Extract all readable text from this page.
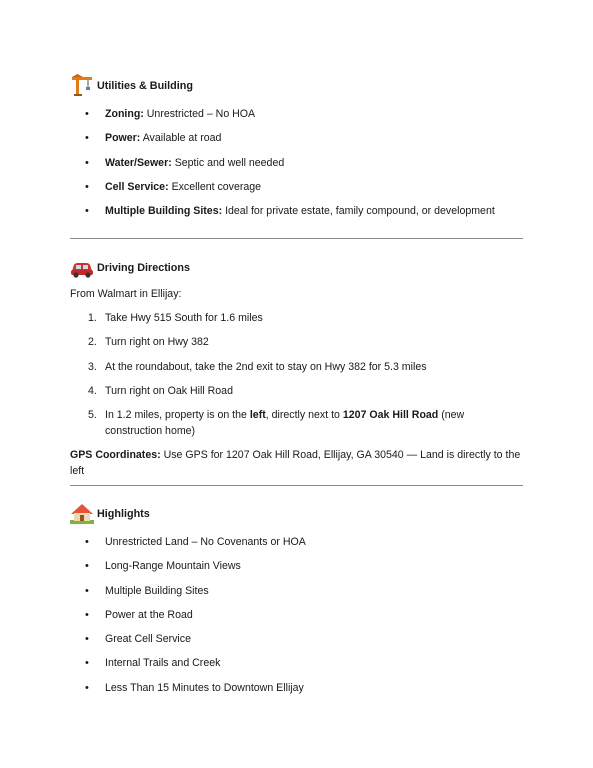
Utilities & Building
• Zoning: Unrestricted – No HOA
• Power: Available at road
• Water/Sewer: Septic and well needed
• Cell Service: Excellent coverage
• Multiple Building Sites: Ideal for private estate, family compound, or development
Driving Directions
From Walmart in Ellijay:
1. Take Hwy 515 South for 1.6 miles
2. Turn right on Hwy 382
3. At the roundabout, take the 2nd exit to stay on Hwy 382 for 5.3 miles
4. Turn right on Oak Hill Road
5. In 1.2 miles, property is on the left, directly next to 1207 Oak Hill Road (new construction home)
GPS Coordinates: Use GPS for 1207 Oak Hill Road, Ellijay, GA 30540 — Land is directly to the left
Highlights
• Unrestricted Land – No Covenants or HOA
• Long-Range Mountain Views
• Multiple Building Sites
• Power at the Road
• Great Cell Service
• Internal Trails and Creek
• Less Than 15 Minutes to Downtown Ellijay
